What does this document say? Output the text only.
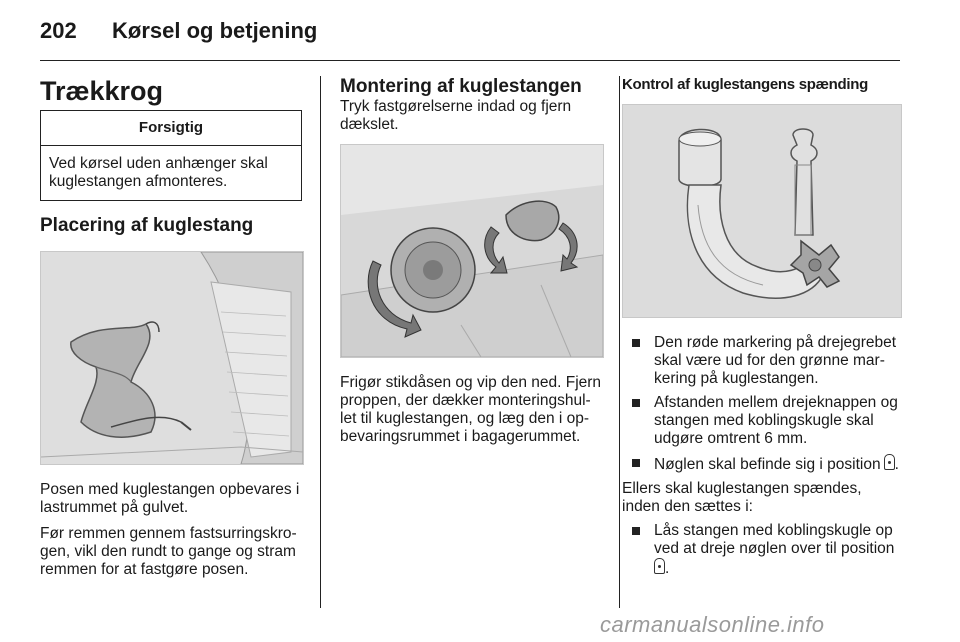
202 Kørsel og betjening
Trækkrog
Forsigtig
Ved kørsel uden anhænger skal kuglestangen afmonteres.
Placering af kuglestang

Posen med kuglestangen opbevares i lastrummet på gulvet.

Før remmen gennem fastsurringskro-gen, vikl den rundt to gange og stram remmen for at fastgøre posen.

Montering af kuglestangen

Tryk fastgørelserne indad og fjern dækslet.

Frigør stikdåsen og vip den ned. Fjern proppen, der dækker monteringshul-let til kuglestangen, og læg den i op-bevaringsrummet i bagagerummet.

Kontrol af kuglestangens spænding
Den røde markering på drejegrebet skal være ud for den grønne mar-kering på kuglestangen.
Afstanden mellem drejeknappen og stangen med koblingskugle skal udgøre omtrent 6 mm.
Nøglen skal befinde sig i position .

Ellers skal kuglestangen spændes, inden den sættes i:

Lås stangen med koblingskugle op ved at dreje nøglen over til position
.
carmanualsonline.info
